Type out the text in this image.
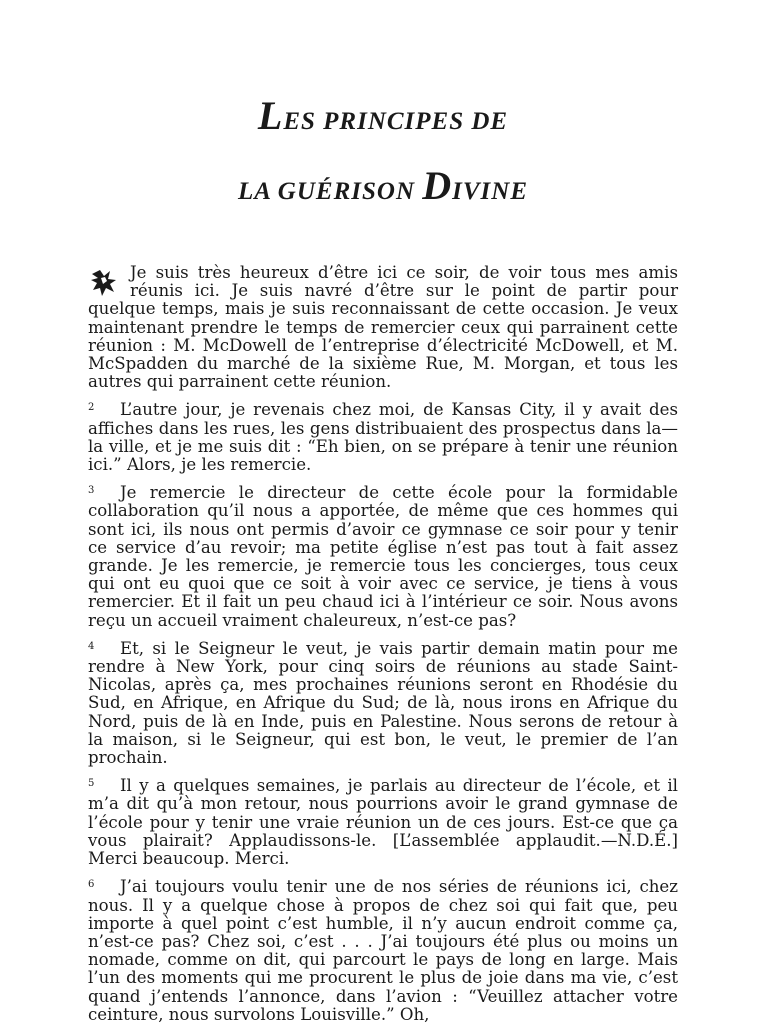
LES PRINCIPES DE
LA GUÉRISON DIVINE

Je suis très heureux d’être ici ce soir, de voir tous mes amis réunis ici. Je suis navré d’être sur le point de partir pour quelque temps, mais je suis reconnaissant de cette occasion. Je veux maintenant prendre le temps de remercier ceux qui parrainent cette réunion : M. McDowell de l’entreprise d’électricité McDowell, et M. McSpadden du marché de la sixième Rue, M. Morgan, et tous les autres qui parrainent cette réunion.

2 L’autre jour, je revenais chez moi, de Kansas City, il y avait des affiches dans les rues, les gens distribuaient des prospectus dans la—la ville, et je me suis dit : “Eh bien, on se prépare à tenir une réunion ici.” Alors, je les remercie.

3 Je remercie le directeur de cette école pour la formidable collaboration qu’il nous a apportée, de même que ces hommes qui sont ici, ils nous ont permis d’avoir ce gymnase ce soir pour y tenir ce service d’au revoir; ma petite église n’est pas tout à fait assez grande. Je les remercie, je remercie tous les concierges, tous ceux qui ont eu quoi que ce soit à voir avec ce service, je tiens à vous remercier. Et il fait un peu chaud ici à l’intérieur ce soir. Nous avons reçu un accueil vraiment chaleureux, n’est-ce pas?

4 Et, si le Seigneur le veut, je vais partir demain matin pour me rendre à New York, pour cinq soirs de réunions au stade Saint-Nicolas, après ça, mes prochaines réunions seront en Rhodésie du Sud, en Afrique, en Afrique du Sud; de là, nous irons en Afrique du Nord, puis de là en Inde, puis en Palestine. Nous serons de retour à la maison, si le Seigneur, qui est bon, le veut, le premier de l’an prochain.

5 Il y a quelques semaines, je parlais au directeur de l’école, et il m’a dit qu’à mon retour, nous pourrions avoir le grand gymnase de l’école pour y tenir une vraie réunion un de ces jours. Est-ce que ça vous plairait? Applaudissons-le. [L’assemblée applaudit.—N.D.É.] Merci beaucoup. Merci.

6 J’ai toujours voulu tenir une de nos séries de réunions ici, chez nous. Il y a quelque chose à propos de chez soi qui fait que, peu importe à quel point c’est humble, il n’y aucun endroit comme ça, n’est-ce pas? Chez soi, c’est . . . J’ai toujours été plus ou moins un nomade, comme on dit, qui parcourt le pays de long en large. Mais l’un des moments qui me procurent le plus de joie dans ma vie, c’est quand j’entends l’annonce, dans l’avion : “Veuillez attacher votre ceinture, nous survolons Louisville.” Oh,
